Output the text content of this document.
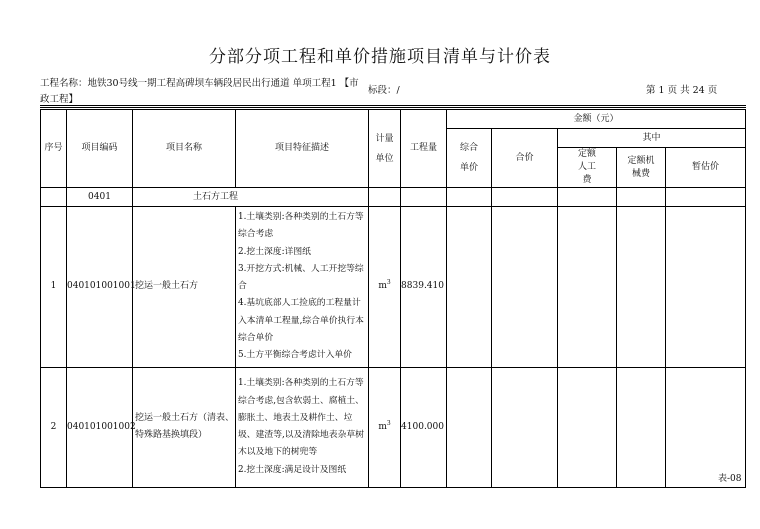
分部分项工程和单价措施项目清单与计价表
工程名称：地铁30号线一期工程高碑坝车辆段居民出行通道 单项工程1 【市政工程】
标段：/	第 1 页 共 24 页
序号	项目编码	项目名称	项目特征描述	计量单位	工程量	金额（元）				
						综合单价	合价	其中		
								定额人工费	定额机械费	暂估价
	0401	土石方工程								
1	040101001001	挖运一般土石方	1.土壤类别:各种类别的土石方等综合考虑
2.挖土深度:详图纸
3.开挖方式:机械、人工开挖等综合
4.基坑底部人工捡底的工程量计入本清单工程量,综合单价执行本综合单价
5.土方平衡综合考虑计入单价	$m^3$	8839.410					
2	040101001002	挖运一般土石方（清表、特殊路基换填段）	1.土壤类别:各种类别的土石方等综合考虑,包含软弱土、腐植土、膨胀土、地表土及耕作土、垃圾、建渣等,以及清除地表杂草树木以及地下的树兜等
2.挖土深度:满足设计及图纸	$m^3$	4100.000					
表-08
